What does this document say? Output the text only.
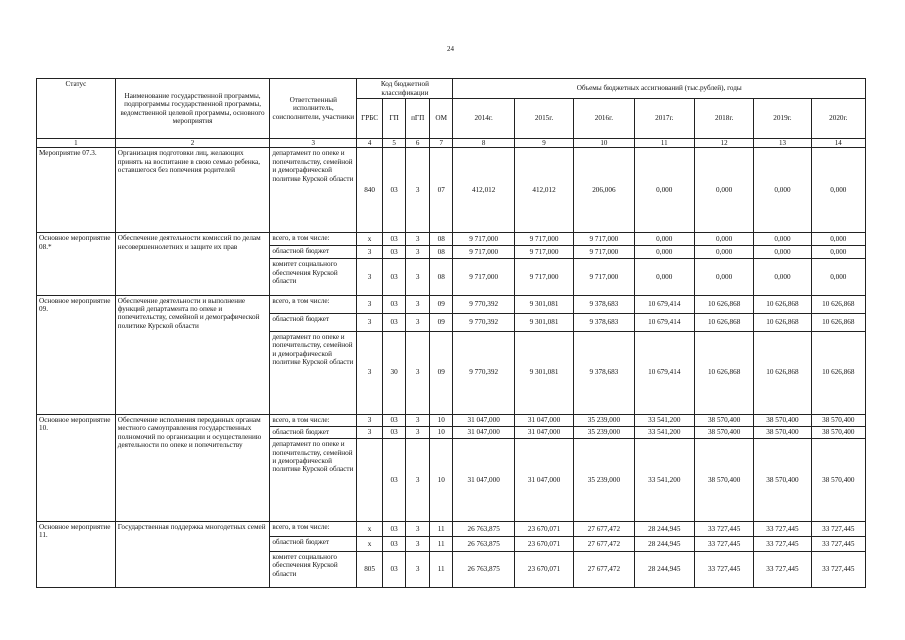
24
Статус	Наименование государственной программы, подпрограммы государственной программы, ведомственной целевой программы, основного мероприятия	Ответственный исполнитель, соисполнители, участники	Код бюджетной классификации				Объемы бюджетных ассигнований (тыс.рублей), годы						
			ГРБС	ГП	пГП	ОМ	2014г.	2015г.	2016г.	2017г.	2018г.	2019г.	2020г.
1	2	3	4	5	6	7	8	9	10	11	12	13	14
Мероприятие 07.3.	Организация подготовки лиц, желающих принять на воспитание в свою семью ребенка, оставшегося без попечения родителей	департамент по опеке и попечительству, семейной и демографической политике Курской области	840	03	3	07	412,012	412,012	206,006	0,000	0,000	0,000	0,000
Основное мероприятие 08.*	Обеспечение деятельности комиссий по делам несовершеннолетних и защите их прав	всего, в том числе:	х	03	3	08	9 717,000	9 717,000	9 717,000	0,000	0,000	0,000	0,000
		областной бюджет	3	03	3	08	9 717,000	9 717,000	9 717,000	0,000	0,000	0,000	0,000
		комитет социального обеспечения Курской области	3	03	3	08	9 717,000	9 717,000	9 717,000	0,000	0,000	0,000	0,000
Основное мероприятие 09.	Обеспечение деятельности и выполнение функций департамента по опеке и попечительству, семейной и демографической политике Курской области	всего, в том числе:	3	03	3	09	9 770,392	9 301,081	9 378,683	10 679,414	10 626,868	10 626,868	10 626,868
		областной бюджет	3	03	3	09	9 770,392	9 301,081	9 378,683	10 679,414	10 626,868	10 626,868	10 626,868
		департамент по опеке и попечительству, семейной и демографической политике Курской области	3	30	3	09	9 770,392	9 301,081	9 378,683	10 679,414	10 626,868	10 626,868	10 626,868
Основное мероприятие 10.	Обеспечение исполнения переданных органам местного самоуправления государственных полномочий по организации и осуществлению деятельности по опеке и попечительству	всего, в том числе:	3	03	3	10	31 047,000	31 047,000	35 239,000	33 541,200	38 570,400	38 570,400	38 570,400
		областной бюджет	3	03	3	10	31 047,000	31 047,000	35 239,000	33 541,200	38 570,400	38 570,400	38 570,400
		департамент по опеке и попечительству, семейной и демографической политике Курской области		03	3	10	31 047,000	31 047,000	35 239,000	33 541,200	38 570,400	38 570,400	38 570,400
Основное мероприятие 11.	Государственная поддержка многодетных семей	всего, в том числе:	х	03	3	11	26 763,875	23 670,071	27 677,472	28 244,945	33 727,445	33 727,445	33 727,445
		областной бюджет	х	03	3	11	26 763,875	23 670,071	27 677,472	28 244,945	33 727,445	33 727,445	33 727,445
		комитет социального обеспечения Курской области	805	03	3	11	26 763,875	23 670,071	27 677,472	28 244,945	33 727,445	33 727,445	33 727,445
